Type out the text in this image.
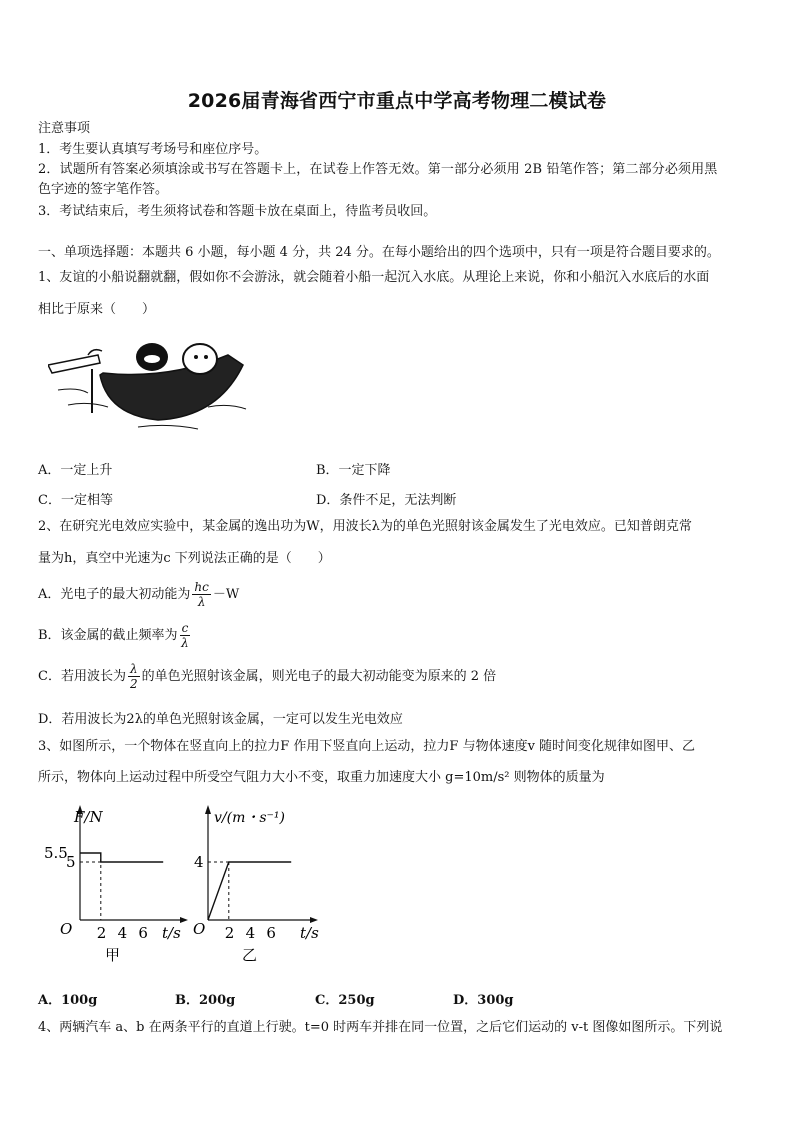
2026届青海省西宁市重点中学高考物理二模试卷
注意事项
1．考生要认真填写考场号和座位序号。
2．试题所有答案必须填涂或书写在答题卡上，在试卷上作答无效。第一部分必须用 2B 铅笔作答；第二部分必须用黑
色字迹的签字笔作答。
3．考试结束后，考生须将试卷和答题卡放在桌面上，待监考员收回。
一、单项选择题：本题共 6 小题，每小题 4 分，共 24 分。在每小题给出的四个选项中，只有一项是符合题目要求的。
1、友谊的小船说翻就翻，假如你不会游泳，就会随着小船一起沉入水底。从理论上来说，你和小船沉入水底后的水面
相比于原来（　　）
A．一定上升	B．一定下降
C．一定相等	D．条件不足，无法判断
2、在研究光电效应实验中，某金属的逸出功为W，用波长λ为的单色光照射该金属发生了光电效应。已知普朗克常
量为h，真空中光速为c 下列说法正确的是（　　）
A．光电子的最大初动能为 $\frac{hc}{\lambda} -W$
B．该金属的截止频率为 $\frac{c}{\lambda}$
C．若用波长为 $\frac{\lambda}{2}$ 的单色光照射该金属，则光电子的最大初动能变为原来的 2 倍
D．若用波长为2λ的单色光照射该金属，一定可以发生光电效应
3、如图所示，一个物体在竖直向上的拉力F 作用下竖直向上运动，拉力F 与物体速度v 随时间变化规律如图甲、乙
所示，物体向上运动过程中所受空气阻力大小不变，取重力加速度大小 g=10m/s² 则物体的质量为
F/N
t/s
O 2 4 6
5
5.5
甲
v/(m・s⁻¹)
t/s
O 2 4 6
4
乙
A．100g	B．200g	C．250g	D．300g
4、两辆汽车 a、b 在两条平行的直道上行驶。t=0 时两车并排在同一位置，之后它们运动的 v-t 图像如图所示。下列说
